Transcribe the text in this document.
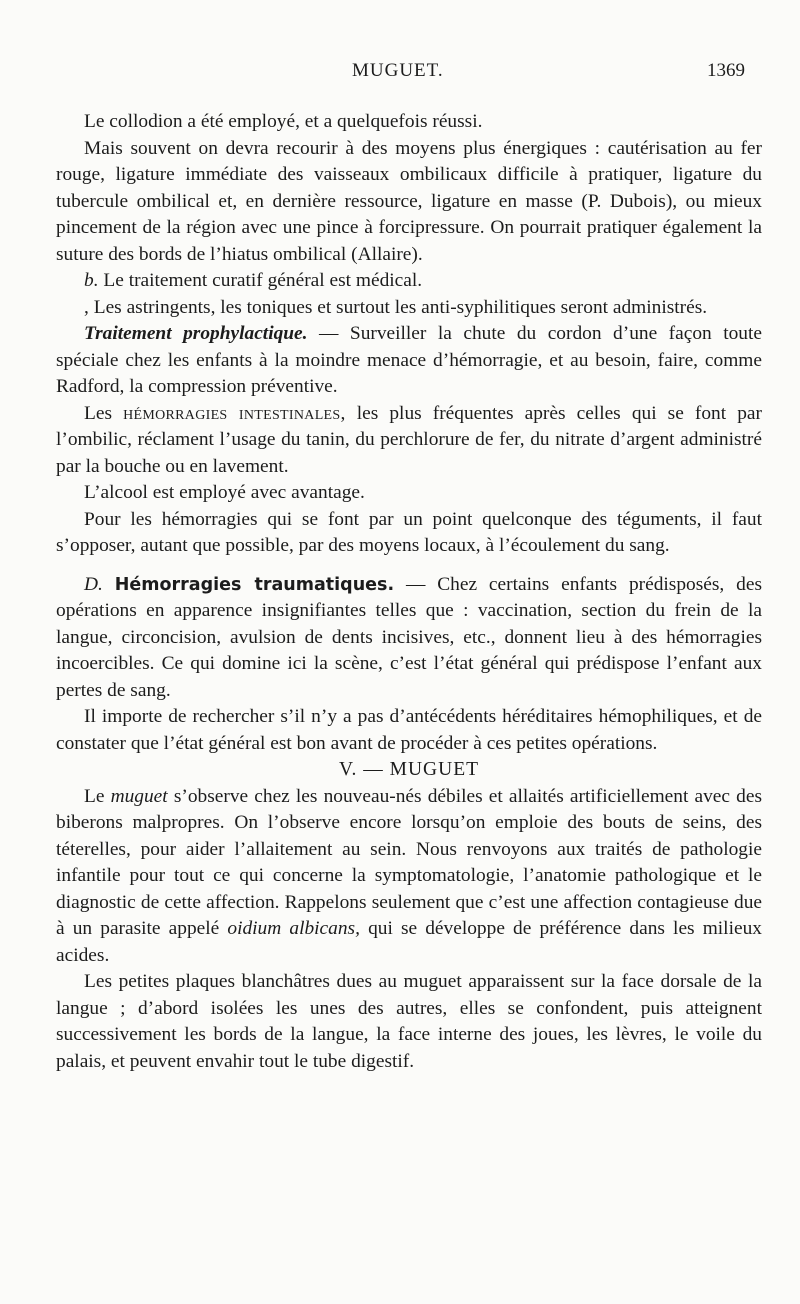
MUGUET.	1369

Le collodion a été employé, et a quelquefois réussi.

Mais souvent on devra recourir à des moyens plus énergiques : cautérisation au fer rouge, ligature immédiate des vaisseaux ombilicaux difficile à pratiquer, ligature du tubercule ombilical et, en dernière ressource, ligature en masse (P. Dubois), ou mieux pincement de la région avec une pince à forcipressure. On pourrait pratiquer également la suture des bords de l’hiatus ombilical (Allaire).

b. Le traitement curatif général est médical.

, Les astringents, les toniques et surtout les anti-syphilitiques seront administrés.

Traitement prophylactique. — Surveiller la chute du cordon d’une façon toute spéciale chez les enfants à la moindre menace d’hémorragie, et au besoin, faire, comme Radford, la compression préventive.

Les hémorragies intestinales, les plus fréquentes après celles qui se font par l’ombilic, réclament l’usage du tanin, du perchlorure de fer, du nitrate d’argent administré par la bouche ou en lavement.

L’alcool est employé avec avantage.

Pour les hémorragies qui se font par un point quelconque des téguments, il faut s’opposer, autant que possible, par des moyens locaux, à l’écoulement du sang.

D. Hémorragies traumatiques. — Chez certains enfants prédisposés, des opérations en apparence insignifiantes telles que : vaccination, section du frein de la langue, circoncision, avulsion de dents incisives, etc., donnent lieu à des hémorragies incoercibles. Ce qui domine ici la scène, c’est l’état général qui prédispose l’enfant aux pertes de sang.

Il importe de rechercher s’il n’y a pas d’antécédents héréditaires hémophiliques, et de constater que l’état général est bon avant de procéder à ces petites opérations.

V. — MUGUET

Le muguet s’observe chez les nouveau-nés débiles et allaités artificiellement avec des biberons malpropres. On l’observe encore lorsqu’on emploie des bouts de seins, des téterelles, pour aider l’allaitement au sein. Nous renvoyons aux traités de pathologie infantile pour tout ce qui concerne la symptomatologie, l’anatomie pathologique et le diagnostic de cette affection. Rappelons seulement que c’est une affection contagieuse due à un parasite appelé oidium albicans, qui se développe de préférence dans les milieux acides.

Les petites plaques blanchâtres dues au muguet apparaissent sur la face dorsale de la langue ; d’abord isolées les unes des autres, elles se confondent, puis atteignent successivement les bords de la langue, la face interne des joues, les lèvres, le voile du palais, et peuvent envahir tout le tube digestif.
